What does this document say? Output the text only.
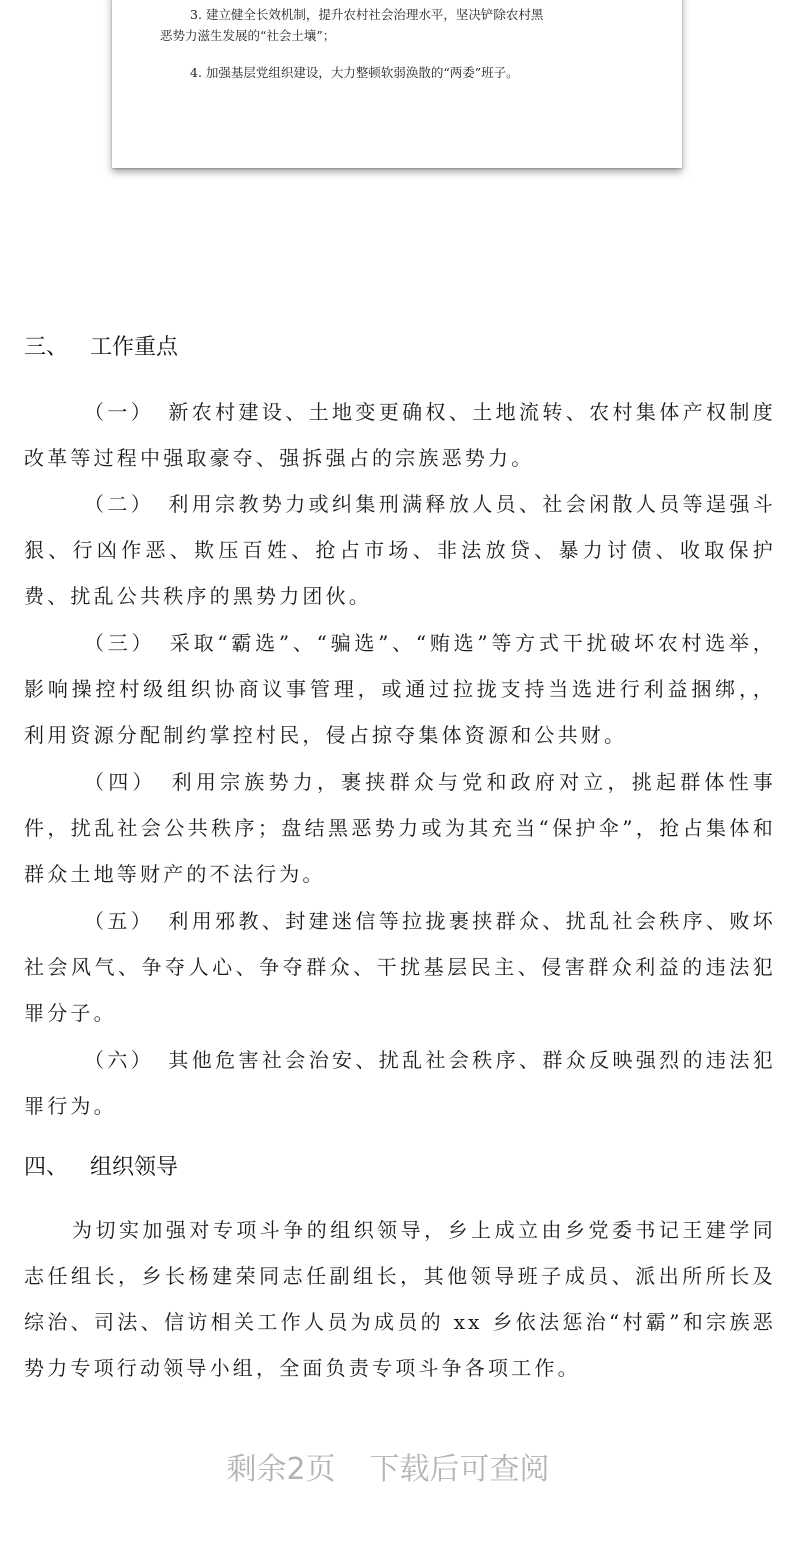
3. 建立健全长效机制，提升农村社会治理水平，坚决铲除农村黑

恶势力滋生发展的“社会土壤”；

4. 加强基层党组织建设，大力整顿软弱涣散的“两委”班子。

三、 工作重点

（一） 新农村建设、土地变更确权、土地流转、农村集体产权制度改革等过程中强取豪夺、强拆强占的宗族恶势力。

（二） 利用宗教势力或纠集刑满释放人员、社会闲散人员等逞强斗狠、行凶作恶、欺压百姓、抢占市场、非法放贷、暴力讨债、收取保护费、扰乱公共秩序的黑势力团伙。

（三） 采取“霸选”、“骗选”、“贿选”等方式干扰破坏农村选举，影响操控村级组织协商议事管理，或通过拉拢支持当选进行利益捆绑，，利用资源分配制约掌控村民，侵占掠夺集体资源和公共财。

（四） 利用宗族势力，裹挟群众与党和政府对立，挑起群体性事件，扰乱社会公共秩序；盘结黑恶势力或为其充当“保护伞”，抢占集体和群众土地等财产的不法行为。

（五） 利用邪教、封建迷信等拉拢裹挟群众、扰乱社会秩序、败坏社会风气、争夺人心、争夺群众、干扰基层民主、侵害群众利益的违法犯罪分子。

（六） 其他危害社会治安、扰乱社会秩序、群众反映强烈的违法犯罪行为。

四、 组织领导

为切实加强对专项斗争的组织领导，乡上成立由乡党委书记王建学同志任组长，乡长杨建荣同志任副组长，其他领导班子成员、派出所所长及综治、司法、信访相关工作人员为成员的 xx 乡依法惩治“村霸”和宗族恶势力专项行动领导小组，全面负责专项斗争各项工作。

剩余2页 下载后可查阅
